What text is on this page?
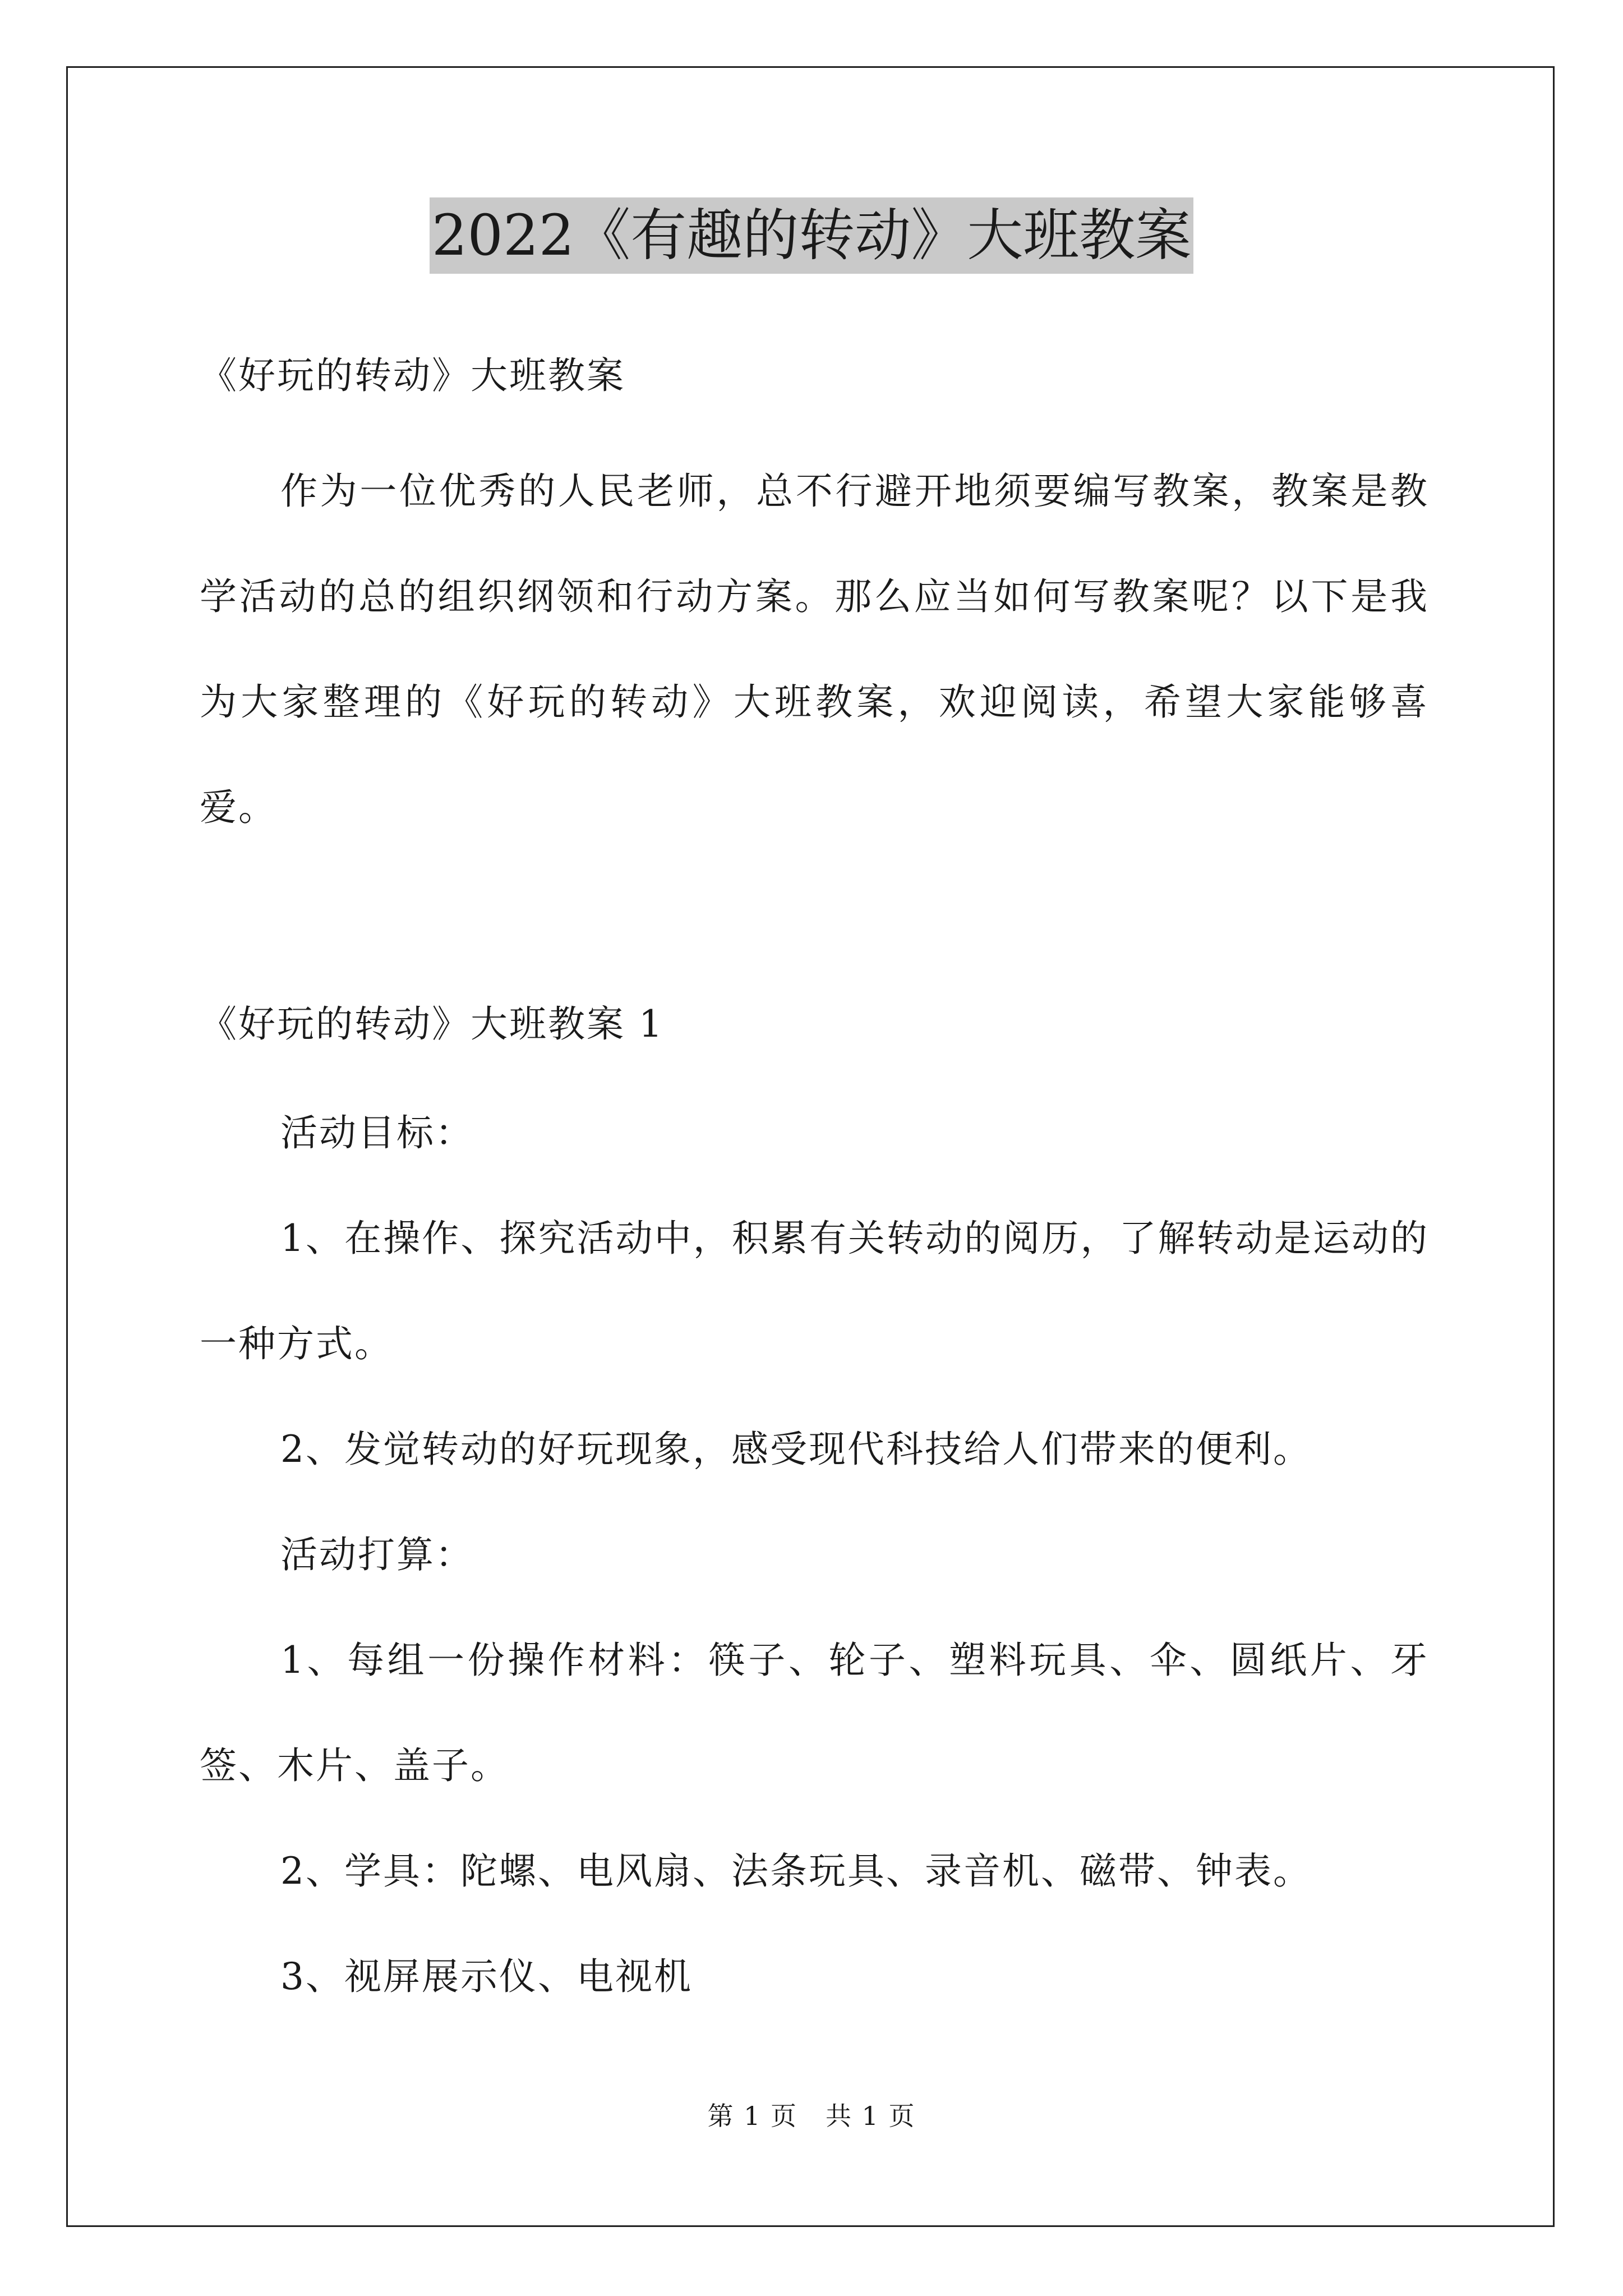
2022《有趣的转动》大班教案
《好玩的转动》大班教案

作为一位优秀的人民老师，总不行避开地须要编写教案，教案是教学活动的总的组织纲领和行动方案。那么应当如何写教案呢？以下是我为大家整理的《好玩的转动》大班教案，欢迎阅读，希望大家能够喜爱。

《好玩的转动》大班教案 1

活动目标：

1、在操作、探究活动中，积累有关转动的阅历，了解转动是运动的一种方式。

2、发觉转动的好玩现象，感受现代科技给人们带来的便利。

活动打算：

1、每组一份操作材料：筷子、轮子、塑料玩具、伞、圆纸片、牙签、木片、盖子。

2、学具：陀螺、电风扇、法条玩具、录音机、磁带、钟表。

3、视屏展示仪、电视机

第 1 页 共 1 页
